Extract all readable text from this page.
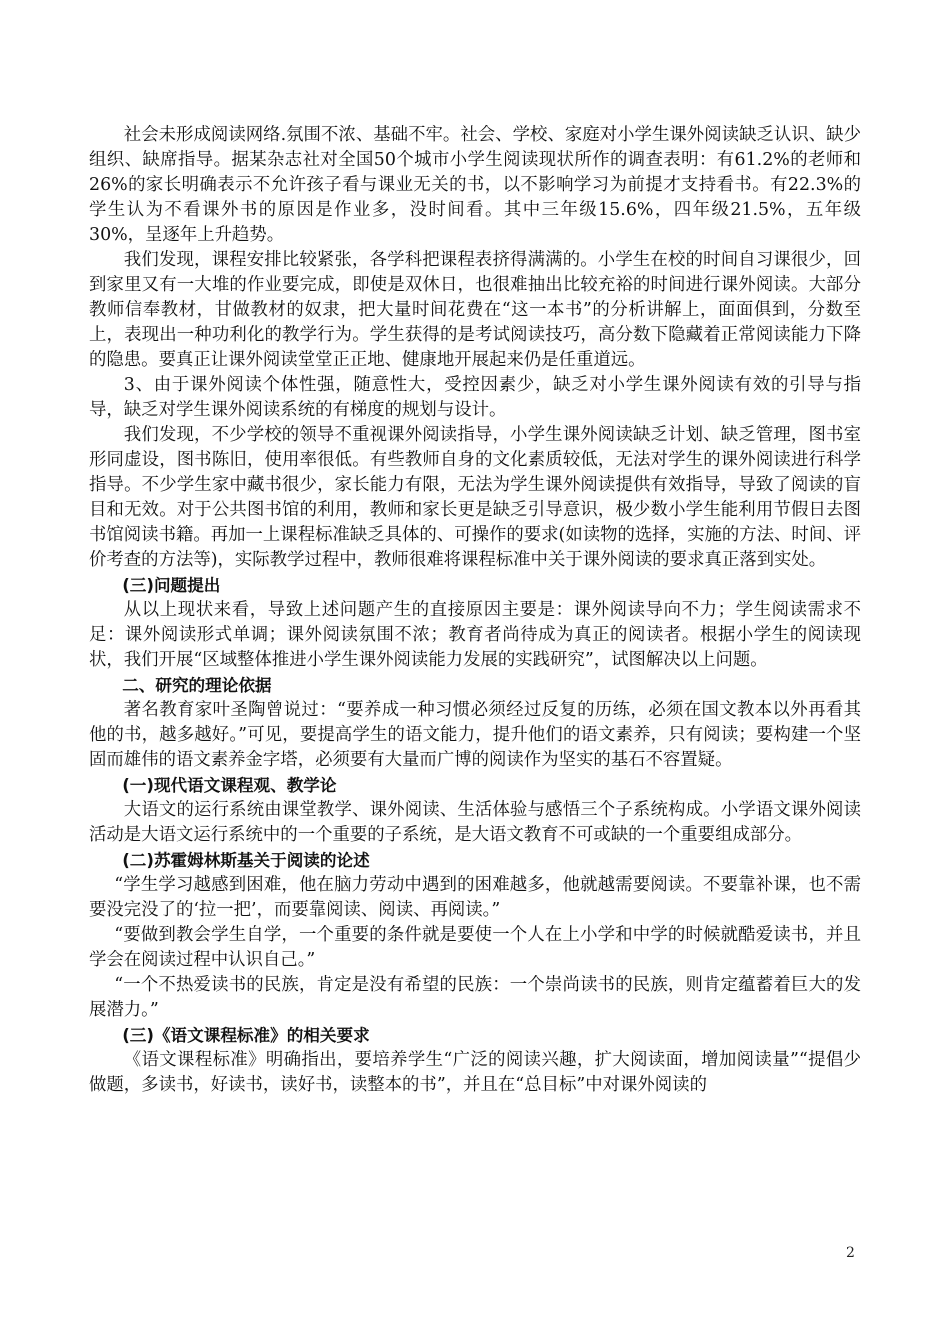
社会未形成阅读网络.氛围不浓、基础不牢。社会、学校、家庭对小学生课外阅读缺乏认识、缺少组织、缺席指导。据某杂志社对全国50个城市小学生阅读现状所作的调查表明：有61.2%的老师和26%的家长明确表示不允许孩子看与课业无关的书，以不影响学习为前提才支持看书。有22.3%的学生认为不看课外书的原因是作业多，没时间看。其中三年级15.6%，四年级21.5%，五年级30%，呈逐年上升趋势。

我们发现，课程安排比较紧张，各学科把课程表挤得满满的。小学生在校的时间自习课很少，回到家里又有一大堆的作业要完成，即使是双休日，也很难抽出比较充裕的时间进行课外阅读。大部分教师信奉教材，甘做教材的奴隶，把大量时间花费在“这一本书”的分析讲解上，面面俱到，分数至上，表现出一种功利化的教学行为。学生获得的是考试阅读技巧，高分数下隐藏着正常阅读能力下降的隐患。要真正让课外阅读堂堂正正地、健康地开展起来仍是任重道远。

3、由于课外阅读个体性强，随意性大，受控因素少，缺乏对小学生课外阅读有效的引导与指导，缺乏对学生课外阅读系统的有梯度的规划与设计。

我们发现，不少学校的领导不重视课外阅读指导，小学生课外阅读缺乏计划、缺乏管理，图书室形同虚设，图书陈旧，使用率很低。有些教师自身的文化素质较低，无法对学生的课外阅读进行科学指导。不少学生家中藏书很少，家长能力有限，无法为学生课外阅读提供有效指导，导致了阅读的盲目和无效。对于公共图书馆的利用，教师和家长更是缺乏引导意识，极少数小学生能利用节假日去图书馆阅读书籍。再加一上课程标准缺乏具体的、可操作的要求(如读物的选择，实施的方法、时间、评价考查的方法等)，实际教学过程中，教师很难将课程标准中关于课外阅读的要求真正落到实处。

(三)问题提出

从以上现状来看，导致上述问题产生的直接原因主要是：课外阅读导向不力；学生阅读需求不足：课外阅读形式单调；课外阅读氛围不浓；教育者尚待成为真正的阅读者。根据小学生的阅读现状，我们开展“区域整体推进小学生课外阅读能力发展的实践研究”，试图解决以上问题。

二、研究的理论依据

著名教育家叶圣陶曾说过：“要养成一种习惯必须经过反复的历练，必须在国文教本以外再看其他的书，越多越好。”可见，要提高学生的语文能力，提升他们的语文素养，只有阅读；要构建一个坚固而雄伟的语文素养金字塔，必须要有大量而广博的阅读作为坚实的基石不容置疑。

(一)现代语文课程观、教学论

大语文的运行系统由课堂教学、课外阅读、生活体验与感悟三个子系统构成。小学语文课外阅读活动是大语文运行系统中的一个重要的子系统，是大语文教育不可或缺的一个重要组成部分。

(二)苏霍姆林斯基关于阅读的论述

“学生学习越感到困难，他在脑力劳动中遇到的困难越多，他就越需要阅读。不要靠补课，也不需要没完没了的‘拉一把’，而要靠阅读、阅读、再阅读。”

“要做到教会学生自学，一个重要的条件就是要使一个人在上小学和中学的时候就酷爱读书，并且学会在阅读过程中认识自己。”

“一个不热爱读书的民族，肯定是没有希望的民族：一个崇尚读书的民族，则肯定蕴蓄着巨大的发展潜力。”

(三)《语文课程标准》的相关要求

《语文课程标准》明确指出，要培养学生“广泛的阅读兴趣，扩大阅读面，增加阅读量”“提倡少做题，多读书，好读书，读好书，读整本的书”，并且在“总目标”中对课外阅读的

2
